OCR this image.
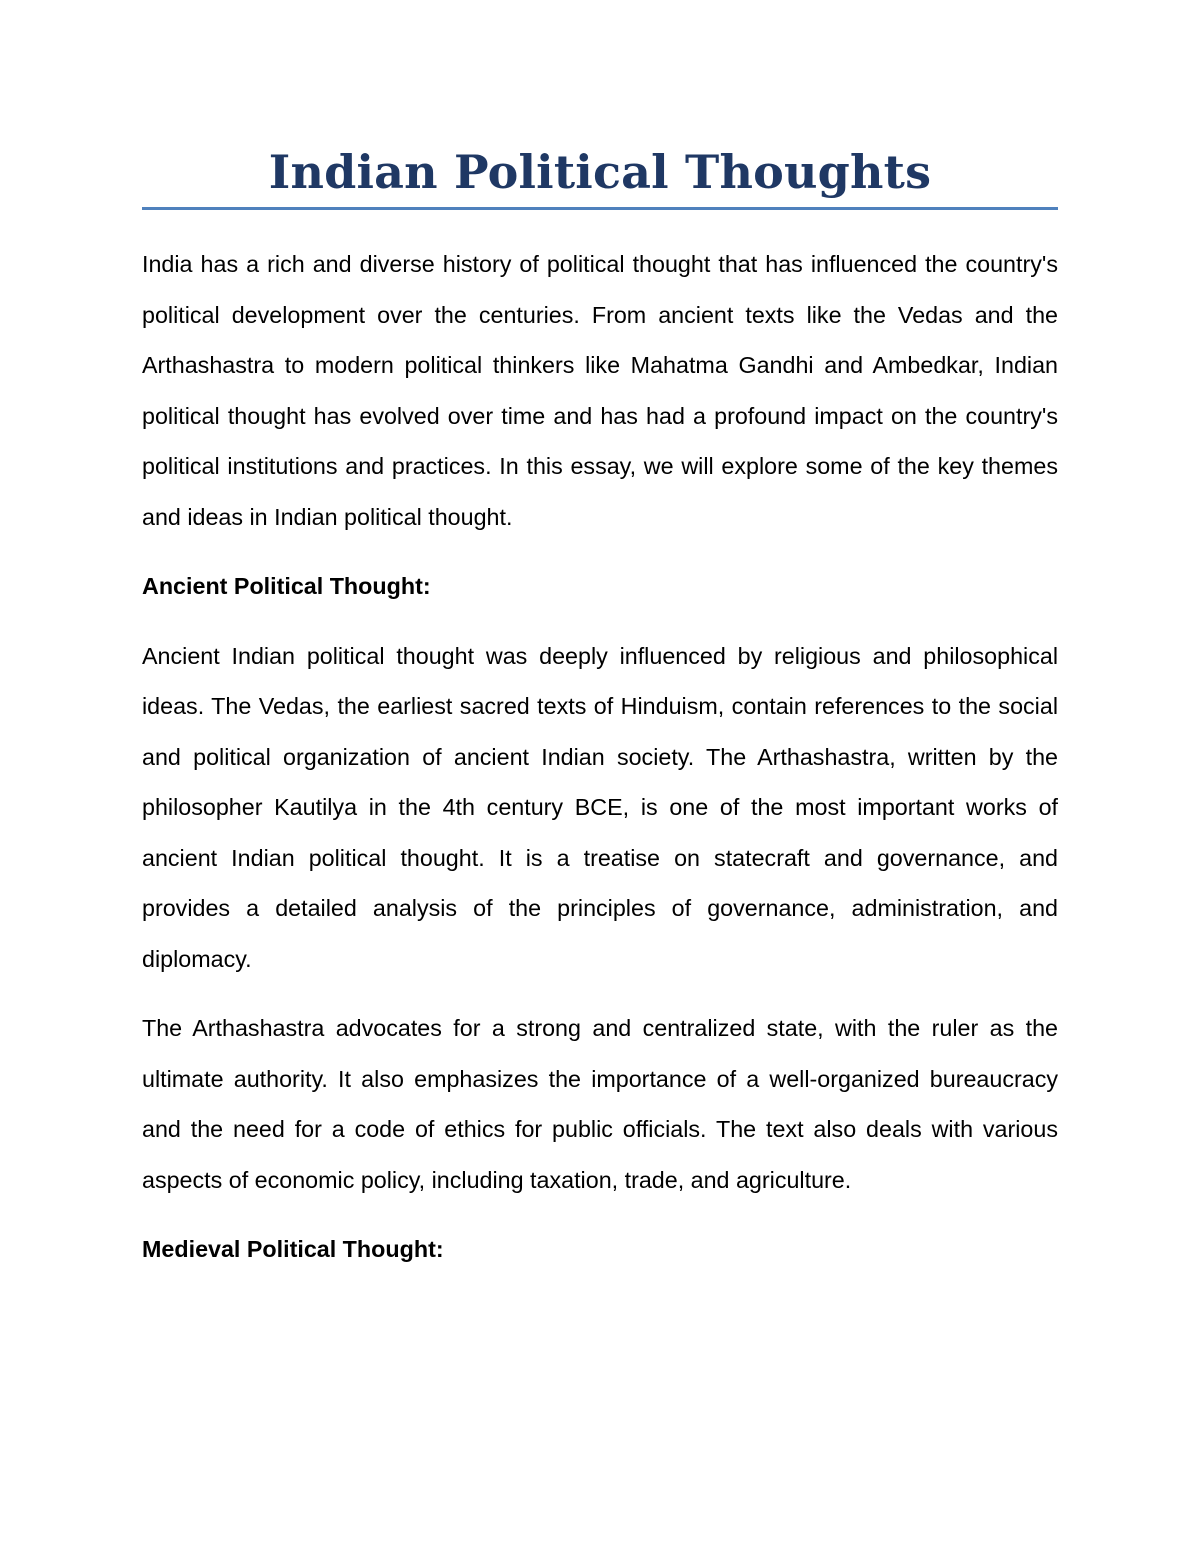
Indian Political Thoughts

India has a rich and diverse history of political thought that has influenced the country's political development over the centuries. From ancient texts like the Vedas and the Arthashastra to modern political thinkers like Mahatma Gandhi and Ambedkar, Indian political thought has evolved over time and has had a profound impact on the country's political institutions and practices. In this essay, we will explore some of the key themes and ideas in Indian political thought.

Ancient Political Thought:

Ancient Indian political thought was deeply influenced by religious and philosophical ideas. The Vedas, the earliest sacred texts of Hinduism, contain references to the social and political organization of ancient Indian society. The Arthashastra, written by the philosopher Kautilya in the 4th century BCE, is one of the most important works of ancient Indian political thought. It is a treatise on statecraft and governance, and provides a detailed analysis of the principles of governance, administration, and diplomacy.

The Arthashastra advocates for a strong and centralized state, with the ruler as the ultimate authority. It also emphasizes the importance of a well-organized bureaucracy and the need for a code of ethics for public officials. The text also deals with various aspects of economic policy, including taxation, trade, and agriculture.

Medieval Political Thought:
